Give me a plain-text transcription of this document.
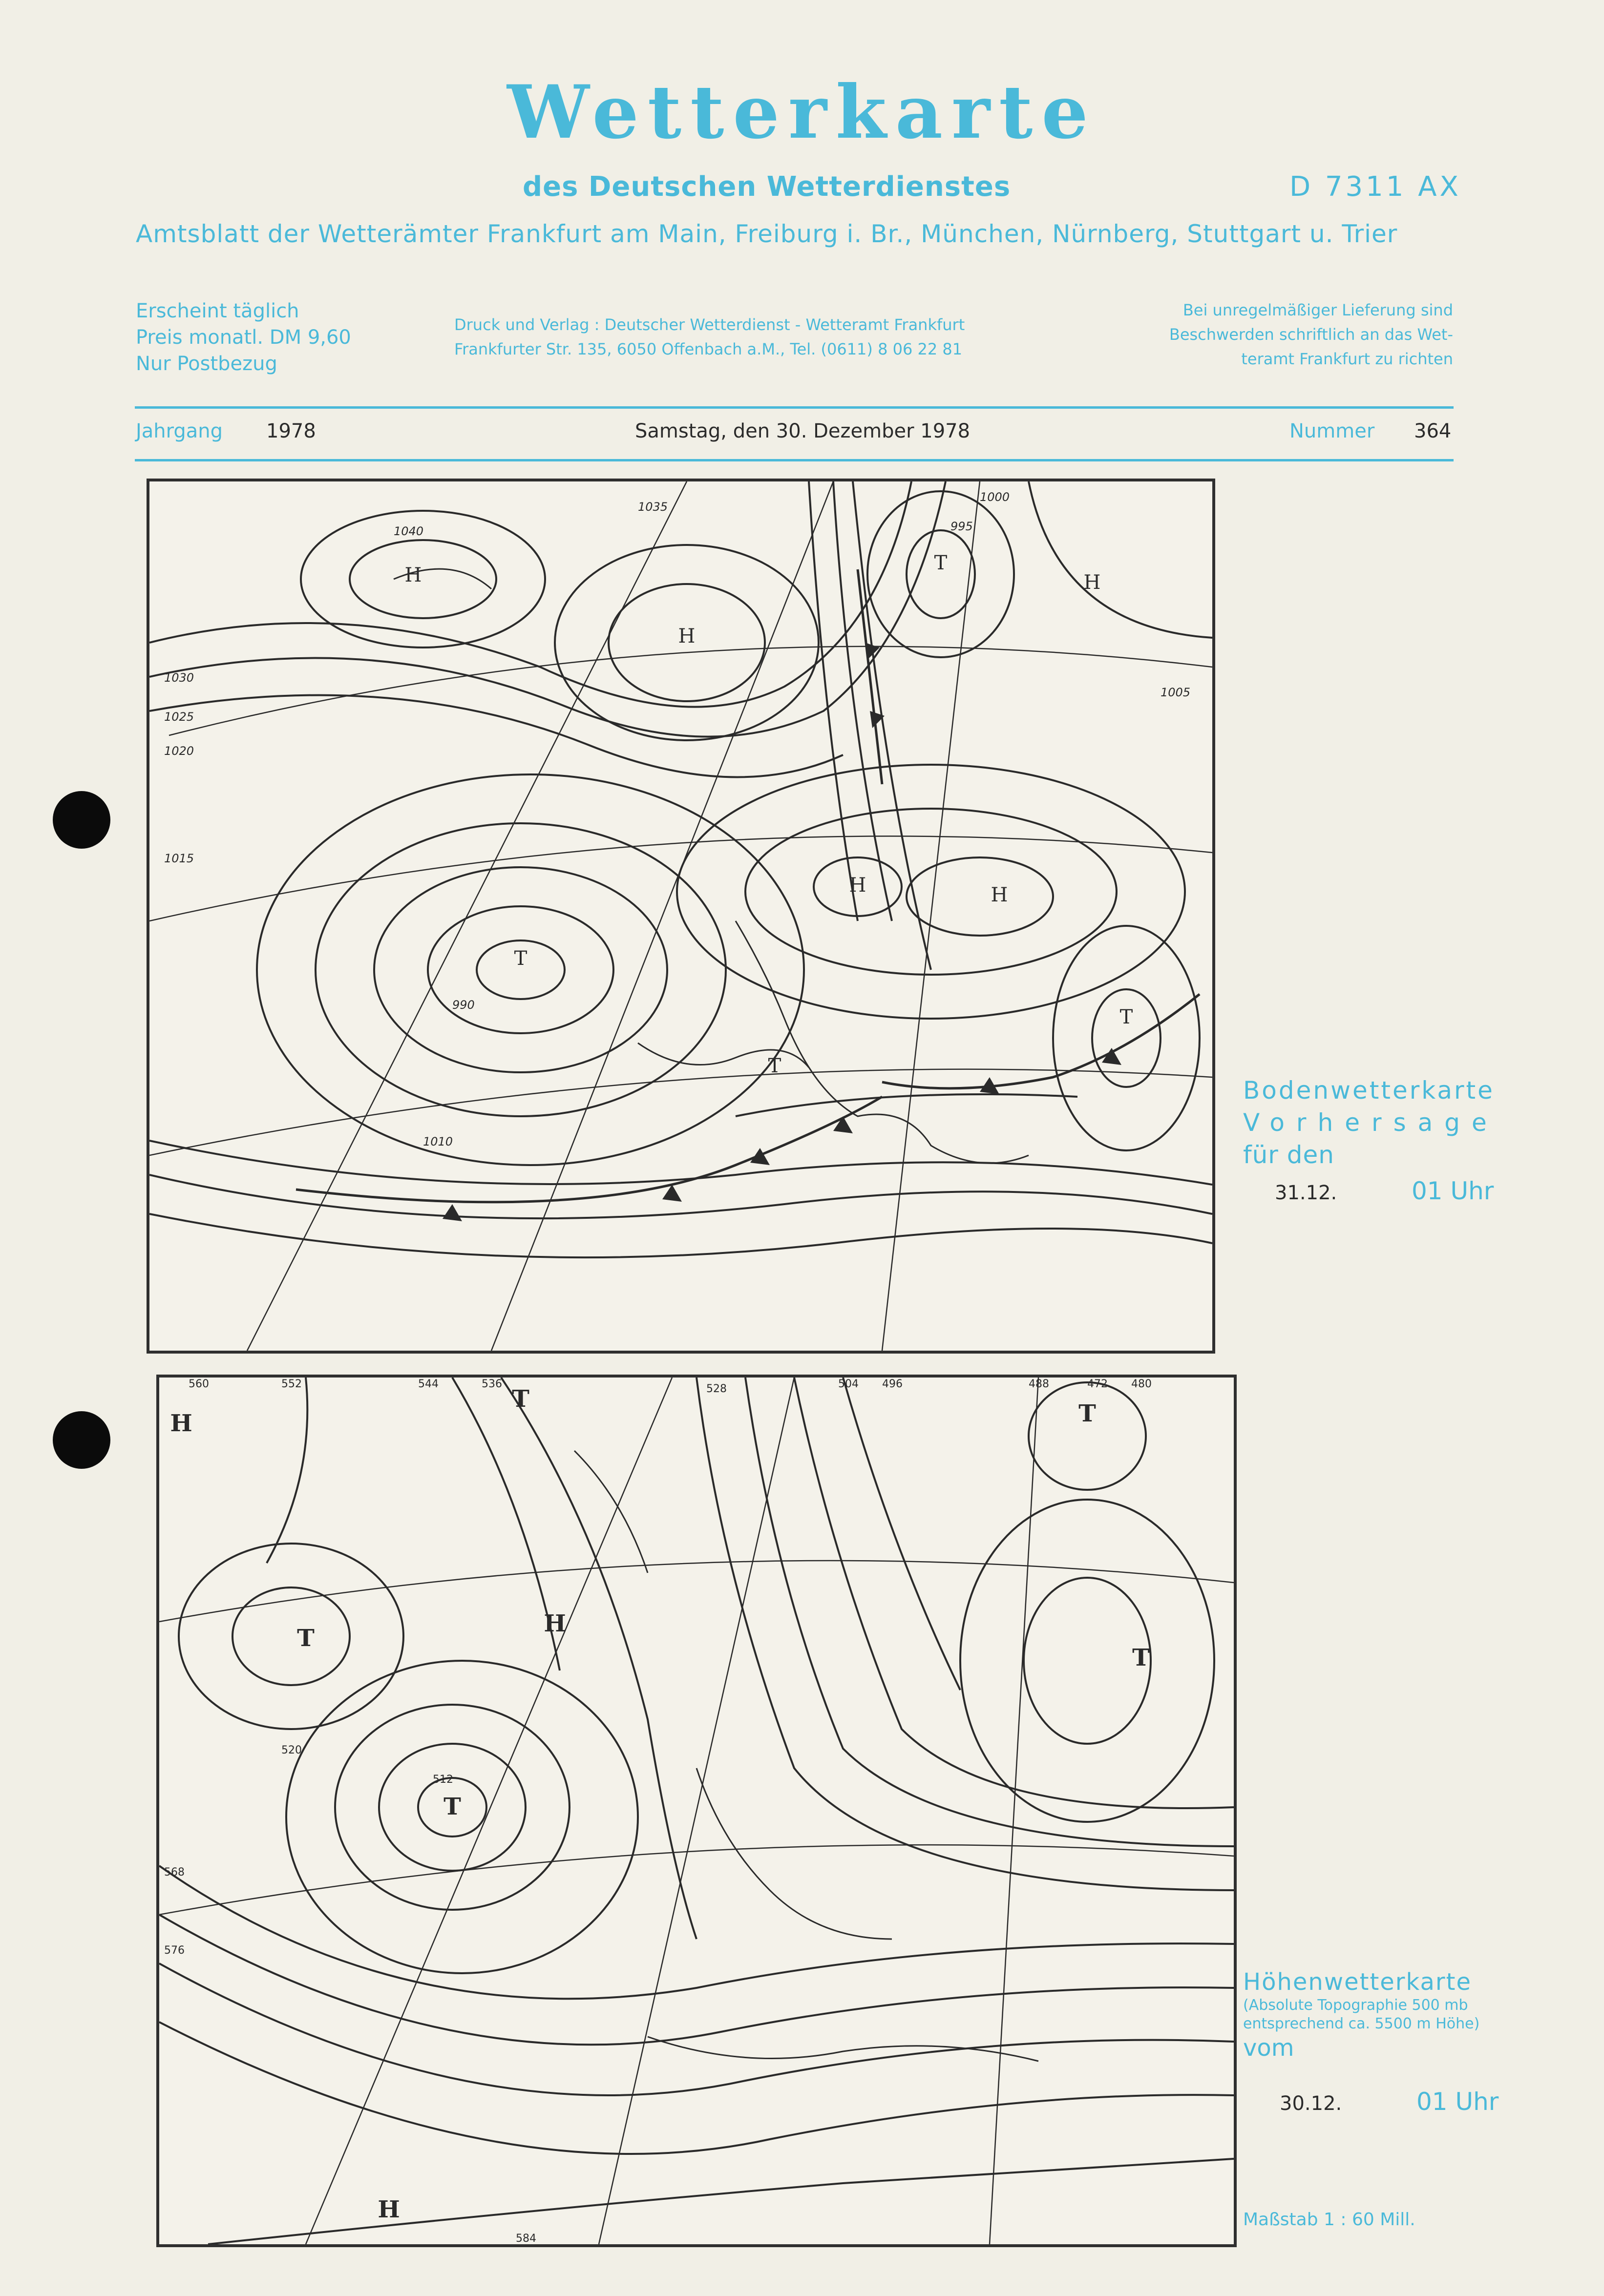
Wetterkarte
des Deutschen Wetterdienstes	D 7311 AX
Amtsblatt der Wetterämter Frankfurt am Main, Freiburg i. Br., München, Nürnberg, Stuttgart u. Trier
Erscheint täglich
Preis monatl. DM 9,60
Nur Postbezug
Druck und Verlag : Deutscher Wetterdienst - Wetteramt Frankfurt
Frankfurter Str. 135, 6050 Offenbach a.M., Tel. (0611) 8 06 22 81
Bei unregelmäßiger Lieferung sind
Beschwerden schriftlich an das Wet-
teramt Frankfurt zu richten
Jahrgang 1978	Samstag, den 30. Dezember 1978	Nummer 364
H
H
H	H
H
T
T
T
T
1040
1035
1030
1025
1020
1015
1010
1005
1000
995
990
Bodenwetterkarte
Vorhersage
für den
31.12.	01 Uhr
H
H
H
T
T
T
T
T
560	552	544	536	528
520
512
504 496	488	480
472
568
576
584
Höhenwetterkarte
(Absolute Topographie 500 mb
entsprechend ca. 5500 m Höhe)
vom
30.12.	01 Uhr
Maßstab 1 : 60 Mill.
